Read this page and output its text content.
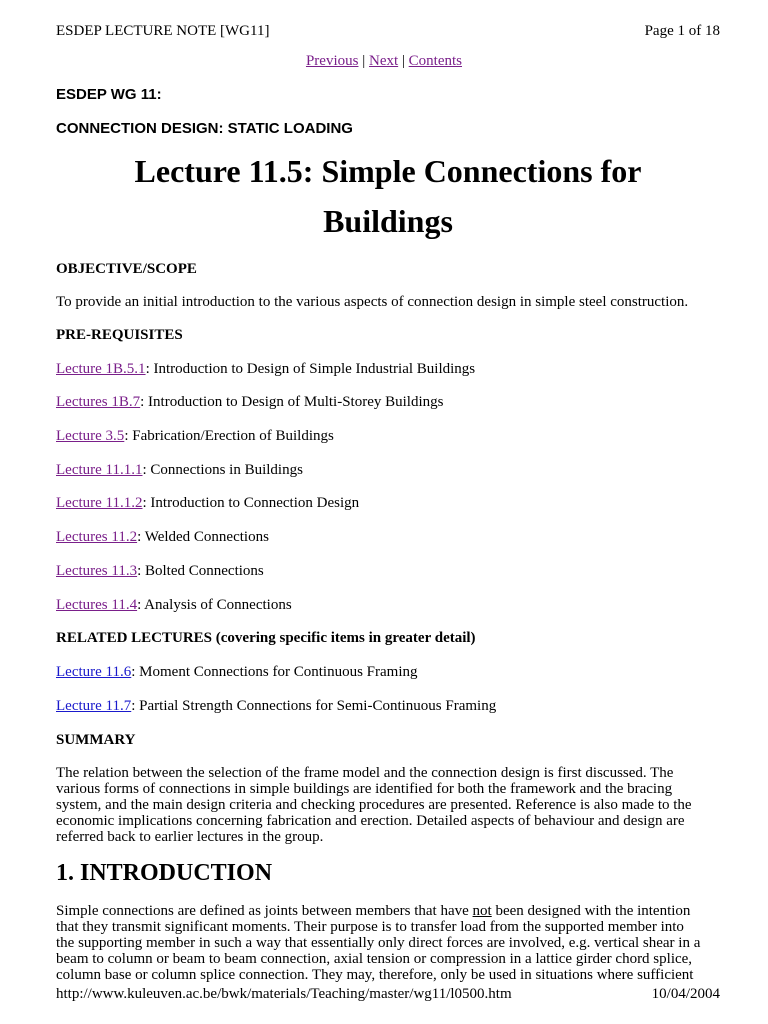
ESDEP LECTURE NOTE [WG11]	Page 1 of 18
Previous | Next | Contents
ESDEP WG 11:
CONNECTION DESIGN: STATIC LOADING
Lecture 11.5: Simple Connections for
Buildings
OBJECTIVE/SCOPE

To provide an initial introduction to the various aspects of connection design in simple steel construction.

PRE-REQUISITES
Lecture 1B.5.1: Introduction to Design of Simple Industrial Buildings
Lectures 1B.7: Introduction to Design of Multi-Storey Buildings
Lecture 3.5: Fabrication/Erection of Buildings
Lecture 11.1.1: Connections in Buildings
Lecture 11.1.2: Introduction to Connection Design
Lectures 11.2: Welded Connections
Lectures 11.3: Bolted Connections
Lectures 11.4: Analysis of Connections
RELATED LECTURES (covering specific items in greater detail)
Lecture 11.6: Moment Connections for Continuous Framing
Lecture 11.7: Partial Strength Connections for Semi-Continuous Framing
SUMMARY

The relation between the selection of the frame model and the connection design is first discussed. The

various forms of connections in simple buildings are identified for both the framework and the bracing

system, and the main design criteria and checking procedures are presented. Reference is also made to the

economic implications concerning fabrication and erection. Detailed aspects of behaviour and design are

referred back to earlier lectures in the group.

1. INTRODUCTION

Simple connections are defined as joints between members that have not been designed with the intention

that they transmit significant moments. Their purpose is to transfer load from the supported member into

the supporting member in such a way that essentially only direct forces are involved, e.g. vertical shear in a

beam to column or beam to beam connection, axial tension or compression in a lattice girder chord splice,

column base or column splice connection. They may, therefore, only be used in situations where sufficient

http://www.kuleuven.ac.be/bwk/materials/Teaching/master/wg11/l0500.htm	10/04/2004
